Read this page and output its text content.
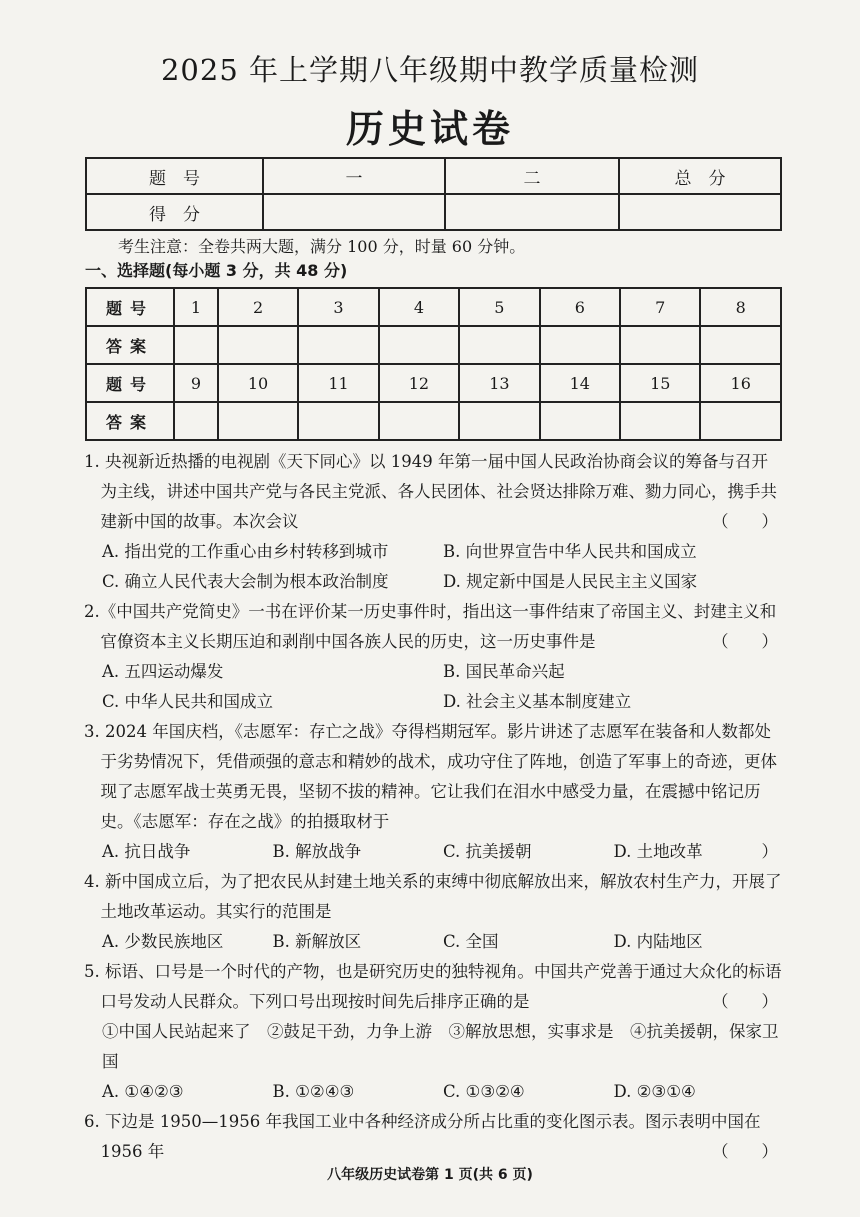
2025 年上学期八年级期中教学质量检测
历史试卷
题　号	一	二	总　分
得　分			
考生注意：全卷共两大题，满分 100 分，时量 60 分钟。
一、选择题(每小题 3 分，共 48 分)
题号	1	2	3	4	5	6	7	8
答案								
题号	9	10	11	12	13	14	15	16
答案								
1. 央视新近热播的电视剧《天下同心》以 1949 年第一届中国人民政治协商会议的筹备与召开为主线，讲述中国共产党与各民主党派、各人民团体、社会贤达排除万难、勠力同心，携手共建新中国的故事。本次会议	（　　）
A. 指出党的工作重心由乡村转移到城市	B. 向世界宣告中华人民共和国成立
C. 确立人民代表大会制为根本政治制度	D. 规定新中国是人民民主主义国家
2.《中国共产党简史》一书在评价某一历史事件时，指出这一事件结束了帝国主义、封建主义和官僚资本主义长期压迫和剥削中国各族人民的历史，这一历史事件是	（　　）
A. 五四运动爆发	B. 国民革命兴起
C. 中华人民共和国成立	D. 社会主义基本制度建立
3. 2024 年国庆档，《志愿军：存亡之战》夺得档期冠军。影片讲述了志愿军在装备和人数都处于劣势情况下，凭借顽强的意志和精妙的战术，成功守住了阵地，创造了军事上的奇迹，更体现了志愿军战士英勇无畏，坚韧不拔的精神。它让我们在泪水中感受力量，在震撼中铭记历史。《志愿军：存在之战》的拍摄取材于
）
A. 抗日战争	B. 解放战争	C. 抗美援朝	D. 土地改革
4. 新中国成立后，为了把农民从封建土地关系的束缚中彻底解放出来，解放农村生产力，开展了土地改革运动。其实行的范围是
A. 少数民族地区	B. 新解放区	C. 全国	D. 内陆地区
5. 标语、口号是一个时代的产物，也是研究历史的独特视角。中国共产党善于通过大众化的标语口号发动人民群众。下列口号出现按时间先后排序正确的是	（　　）
①中国人民站起来了　②鼓足干劲，力争上游　③解放思想，实事求是　④抗美援朝，保家卫国
A. ①④②③	B. ①②④③	C. ①③②④	D. ②③①④
6. 下边是 1950—1956 年我国工业中各种经济成分所占比重的变化图示表。图示表明中国在 1956 年	（　　）
八年级历史试卷第 1 页(共 6 页)
